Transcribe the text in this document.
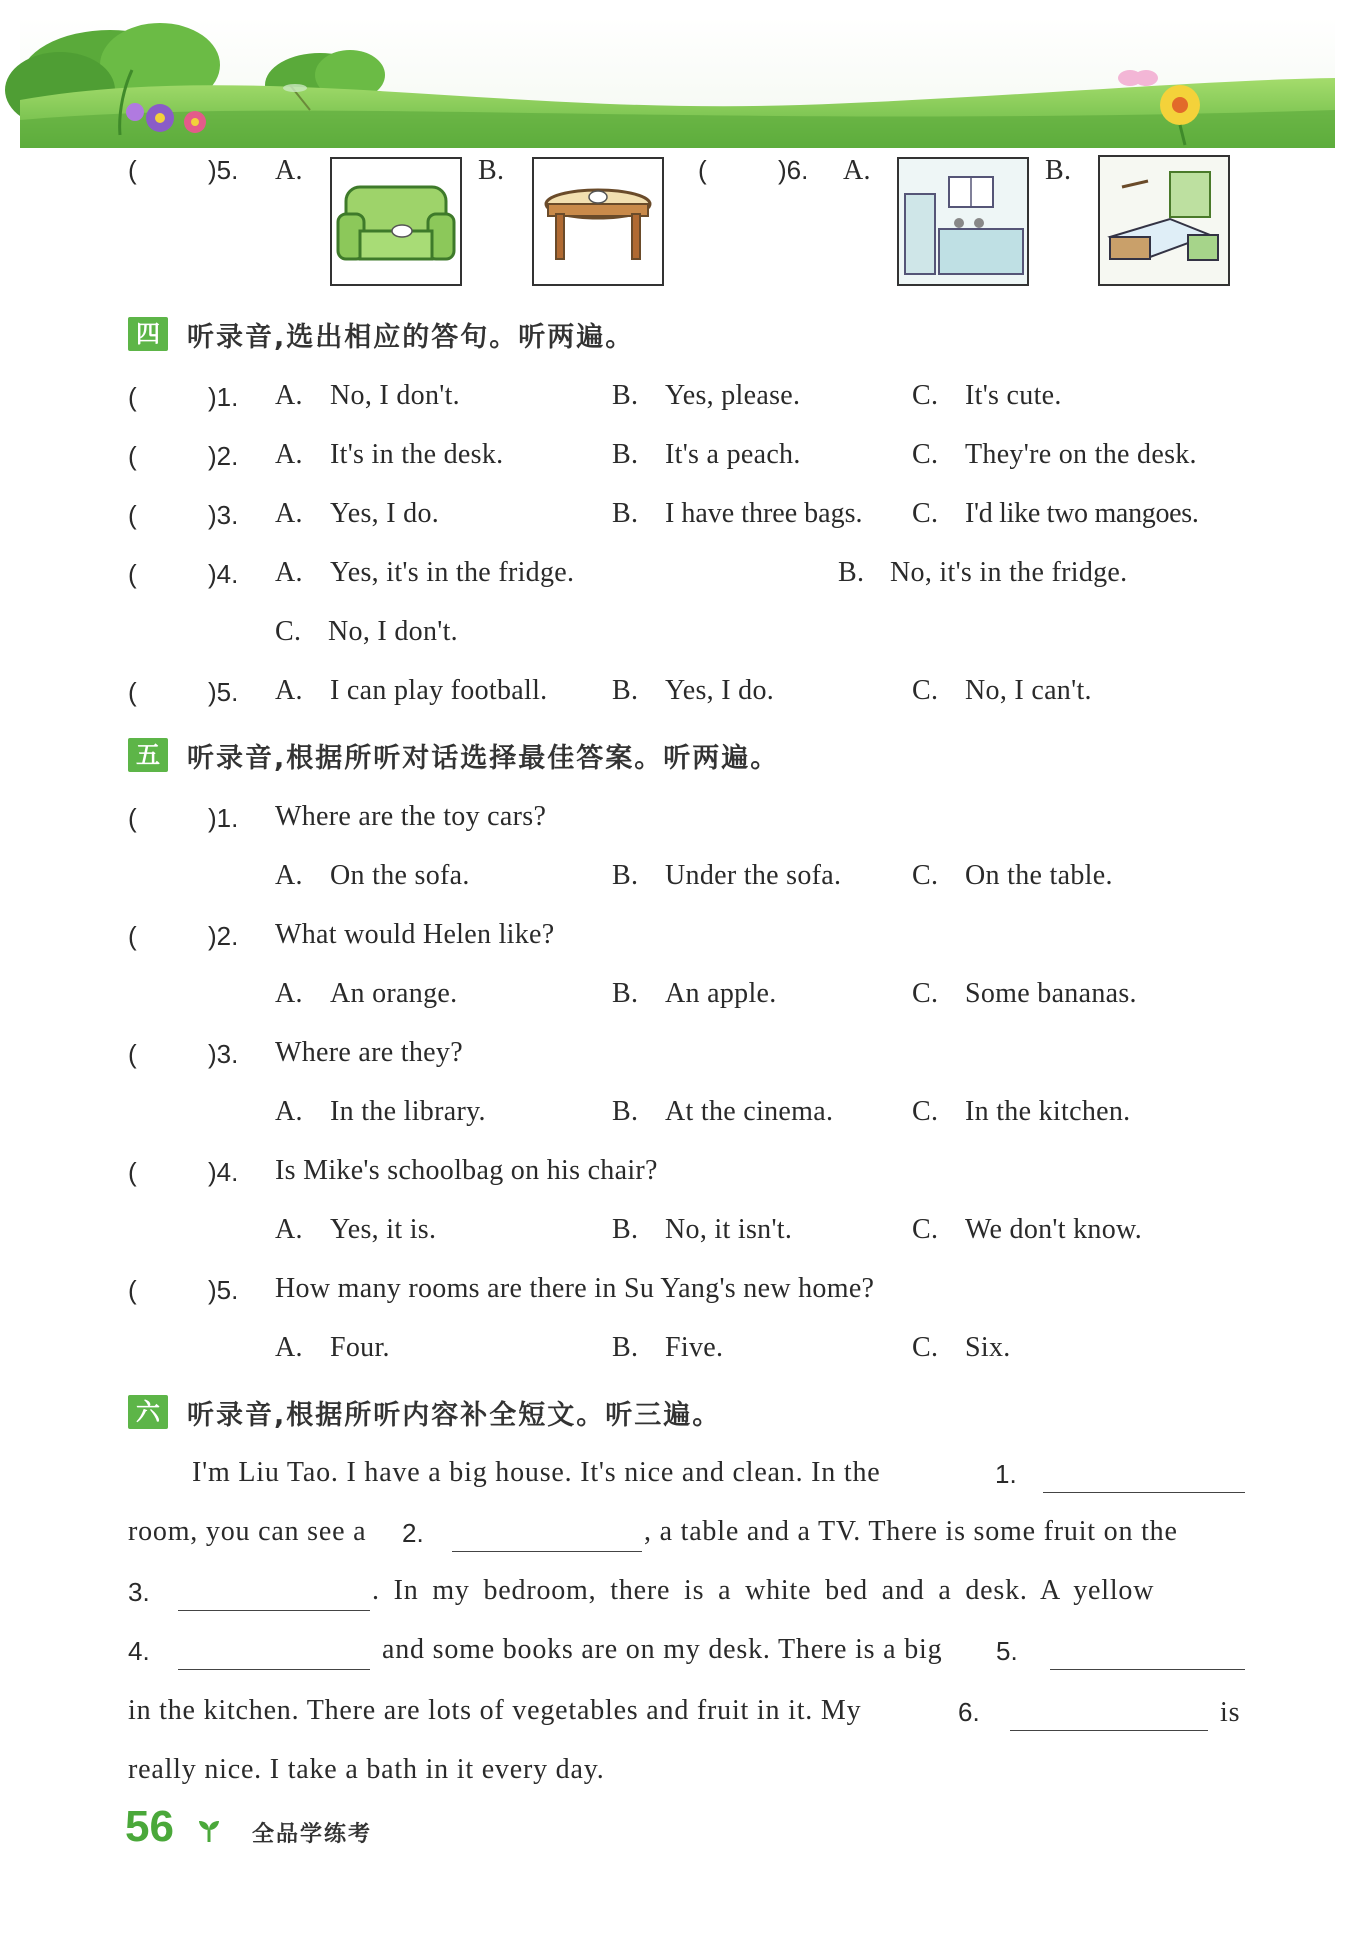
(	)5. A.	B.	(	)6. A.	B.
四 听录音,选出相应的答句。听两遍。
(	)1. A. No, I don't.	B. Yes, please.	C. It's cute.
(	)2. A. It's in the desk.	B. It's a peach.	C. They're on the desk.
(	)3. A. Yes, I do.	B. I have three bags. C. I'd like two mangoes.
(	)4. A. Yes, it's in the fridge.	B. No, it's in the fridge.
C. No, I don't.
(	)5. A. I can play football. B. Yes, I do.	C. No, I can't.
五 听录音,根据所听对话选择最佳答案。听两遍。
(	)1. Where are the toy cars?
A. On the sofa.	B. Under the sofa.	C. On the table.
(	)2. What would Helen like?
A. An orange.	B. An apple.	C. Some bananas.
(	)3. Where are they?
A. In the library.	B. At the cinema.	C. In the kitchen.
(	)4. Is Mike's schoolbag on his chair?
A. Yes, it is.	B. No, it isn't.	C. We don't know.
(	)5. How many rooms are there in Su Yang's new home?
A. Four.	B. Five.	C. Six.
六 听录音,根据所听内容补全短文。听三遍。
I'm Liu Tao. I have a big house. It's nice and clean. In the	1.
room, you can see a 2.	, a table and a TV. There is some fruit on the
3.	. In my bedroom, there is a white bed and a desk. A yellow
4.	and some books are on my desk. There is a big 5.
in the kitchen. There are lots of vegetables and fruit in it. My	6.	is
really nice. I take a bath in it every day.
56	全品学练考
